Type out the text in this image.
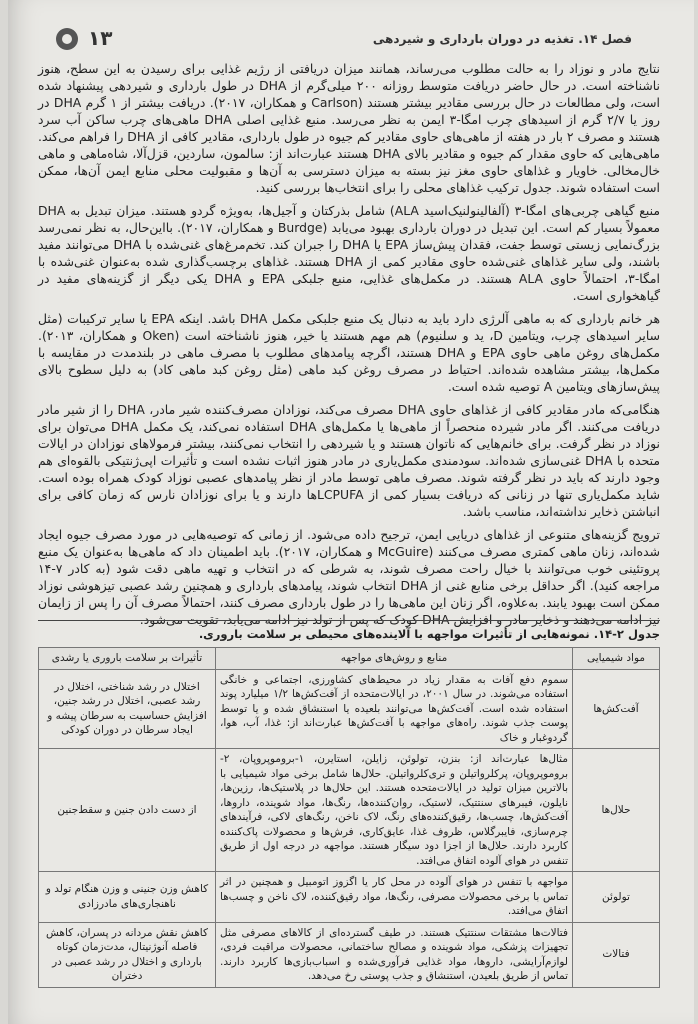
فصل ۱۴. تغذیه در دوران بارداری و شیردهی
۱۳

نتایج مادر و نوزاد را به حالت مطلوب می‌رساند، همانند میزان دریافتی از رژیم غذایی برای رسیدن به این سطح، هنوز ناشناخته است. در حال حاضر دریافت متوسط روزانه ۲۰۰ میلی‌گرم از DHA در طول بارداری و شیردهی پیشنهاد شده است، ولی مطالعات در حال بررسی مقادیر بیشتر هستند (Carlson و همکاران، ۲۰۱۷). دریافت بیشتر از ۱ گرم DHA در روز یا ۲/۷ گرم از اسیدهای چرب امگا-۳ ایمن به نظر می‌رسد. منبع غذایی اصلی DHA ماهی‌های چرب ساکن آب سرد هستند و مصرف ۲ بار در هفته از ماهی‌های حاوی مقادیر کم جیوه در طول بارداری، مقادیر کافی از DHA را فراهم می‌کند. ماهی‌هایی که حاوی مقدار کم جیوه و مقادیر بالای DHA هستند عبارت‌اند از: سالمون، ساردین، قزل‌آلا، شاه‌ماهی و ماهی خال‌مخالی. خاویار و غذاهای حاوی مغز نیز بسته به میزان دسترسی به آن‌ها و مقبولیت محلی منابع ایمن آن‌ها، ممکن است استفاده شوند. جدول ترکیب غذاهای محلی را برای انتخاب‌ها بررسی کنید.

منبع گیاهی چربی‌های امگا-۳ (آلفالینولنیک‌اسید ALA) شامل بذرکتان و آجیل‌ها، به‌ویژه گردو هستند. میزان تبدیل به DHA معمولاً بسیار کم است. این تبدیل در دوران بارداری بهبود می‌یابد (Burdge و همکاران، ۲۰۱۷). بااین‌حال، به نظر نمی‌رسد بزرگ‌نمایی زیستی توسط جفت، فقدان پیش‌ساز EPA یا DHA را جبران کند. تخم‌مرغ‌های غنی‌شده با DHA می‌توانند مفید باشند، ولی سایر غذاهای غنی‌شده حاوی مقادیر کمی از DHA هستند. غذاهای برچسب‌گذاری شده به‌عنوان غنی‌شده با امگا-۳، احتمالاً حاوی ALA هستند. در مکمل‌های غذایی، منبع جلبکی EPA و DHA یکی دیگر از گزینه‌های مفید در گیاهخواری است.

هر خانم بارداری که به ماهی آلرژی دارد باید به دنبال یک منبع جلبکی مکمل DHA باشد. اینکه EPA یا سایر ترکیبات (مثل سایر اسیدهای چرب، ویتامین D، ید و سلنیوم) هم مهم هستند یا خیر، هنوز ناشناخته است (Oken و همکاران، ۲۰۱۳). مکمل‌های روغن ماهی حاوی EPA و DHA هستند، اگرچه پیامدهای مطلوب با مصرف ماهی در بلندمدت در مقایسه با مکمل‌ها، بیشتر مشاهده شده‌اند. احتیاط در مصرف روغن کبد ماهی (مثل روغن کبد ماهی کاد) به دلیل سطوح بالای پیش‌سازهای ویتامین A توصیه شده است.

هنگامی‌که مادر مقادیر کافی از غذاهای حاوی DHA مصرف می‌کند، نوزادان مصرف‌کننده شیر مادر، DHA را از شیر مادر دریافت می‌کنند. اگر مادر شیرده منحصراً از ماهی‌ها یا مکمل‌های DHA استفاده نمی‌کند، یک مکمل DHA می‌توان برای نوزاد در نظر گرفت. برای خانم‌هایی که ناتوان هستند و یا شیردهی را انتخاب نمی‌کنند، بیشتر فرمولاهای نوزادان در ایالات متحده با DHA غنی‌سازی شده‌اند. سودمندی مکمل‌یاری در مادر هنوز اثبات نشده است و تأثیرات اپی‌ژنتیکی بالقوه‌ای هم وجود دارند که باید در نظر گرفته شوند. مصرف ماهی توسط مادر از نظر پیامدهای عصبی نوزاد کودک همراه بوده است. شاید مکمل‌یاری تنها در زنانی که دریافت بسیار کمی از LCPUFAها دارند و یا برای نوزادان نارس که زمان کافی برای انباشتن ذخایر نداشته‌اند، مناسب باشد.

ترویج گزینه‌های متنوعی از غذاهای دریایی ایمن، ترجیح داده می‌شود. از زمانی که توصیه‌هایی در مورد مصرف جیوه ایجاد شده‌اند، زنان ماهی کمتری مصرف می‌کنند (McGuire و همکاران، ۲۰۱۷). باید اطمینان داد که ماهی‌ها به‌عنوان یک منبع پروتئینی خوب می‌توانند با خیال راحت مصرف شوند، به شرطی که در انتخاب و تهیه ماهی دقت شود (به کادر ۷-۱۴ مراجعه کنید). اگر حداقل برخی منابع غنی از DHA انتخاب شوند، پیامدهای بارداری و همچنین رشد عصبی تیزهوشی نوزاد ممکن است بهبود یابند. به‌علاوه، اگر زنان این ماهی‌ها را در طول بارداری مصرف کنند، احتمالاً مصرف آن را پس از زایمان نیز ادامه می‌دهند و ذخایر مادر و افزایش DHA کودک که پس از تولد نیز ادامه می‌یابد، تقویت می‌شود.

جدول ۲-۱۴. نمونه‌هایی از تأثیرات مواجهه با آلاینده‌های محیطی بر سلامت باروری.
مواد شیمیایی	منابع و روش‌های مواجهه	تأثیرات بر سلامت باروری یا رشدی
آفت‌کش‌ها	سموم دفع آفات به مقدار زیاد در محیط‌های کشاورزی، اجتماعی و خانگی استفاده می‌شوند. در سال ۲۰۰۱، در ایالات‌متحده از آفت‌کش‌ها ۱/۲ میلیارد پوند استفاده شده است. آفت‌کش‌ها می‌توانند بلعیده یا استنشاق شده و یا توسط پوست جذب شوند. راه‌های مواجهه با آفت‌کش‌ها عبارت‌اند از: غذا، آب، هوا، گردوغبار و خاک	اختلال در رشد شناختی، اختلال در رشد عصبی، اختلال در رشد جنین، افزایش حساسیت به سرطان پیشه و ایجاد سرطان در دوران کودکی
حلال‌ها	مثال‌ها عبارت‌اند از: بنزن، تولوئن، زایلن، استایرن، ۱-بروموپروپان، ۲-بروموپروپان، پرکلرواتیلن و تری‌کلرواتیلن. حلال‌ها شامل برخی مواد شیمیایی با بالاترین میزان تولید در ایالات‌متحده هستند. این حلال‌ها در پلاستیک‌ها، رزین‌ها، نایلون، فیبرهای سنتتیک، لاستیک، روان‌کننده‌ها، رنگ‌ها، مواد شوینده، داروها، آفت‌کش‌ها، چسب‌ها، رقیق‌کننده‌های رنگ، لاک ناخن، رنگ‌های لاکی، فرآیندهای چرم‌سازی، فایبرگلاس، ظروف غذا، عایق‌کاری، فرش‌ها و محصولات پاک‌کننده کاربرد دارند. حلال‌ها از اجزا دود سیگار هستند. مواجهه در درجه اول از طریق تنفس در هوای آلوده اتفاق می‌افتد.	از دست دادن جنین و سقط‌جنین
تولوئن	مواجهه با تنفس در هوای آلوده در محل کار یا اگزوز اتومبیل و همچنین در اثر تماس با برخی محصولات مصرفی، رنگ‌ها، مواد رقیق‌کننده، لاک ناخن و چسب‌ها اتفاق می‌افتد.	کاهش وزن جنینی و وزن هنگام تولد و ناهنجاری‌های مادرزادی
فتالات	فتالات‌ها مشتقات سنتتیک هستند. در طیف گسترده‌ای از کالاهای مصرفی مثل تجهیزات پزشکی، مواد شوینده و مصالح ساختمانی، محصولات مراقبت فردی، لوازم‌آرایشی، داروها، مواد غذایی فرآوری‌شده و اسباب‌بازی‌ها کاربرد دارند. تماس از طریق بلعیدن، استنشاق و جذب پوستی رخ می‌دهد.	کاهش نقش مردانه در پسران، کاهش فاصله آنوژنیتال، مدت‌زمان کوتاه بارداری و اختلال در رشد عصبی در دختران
